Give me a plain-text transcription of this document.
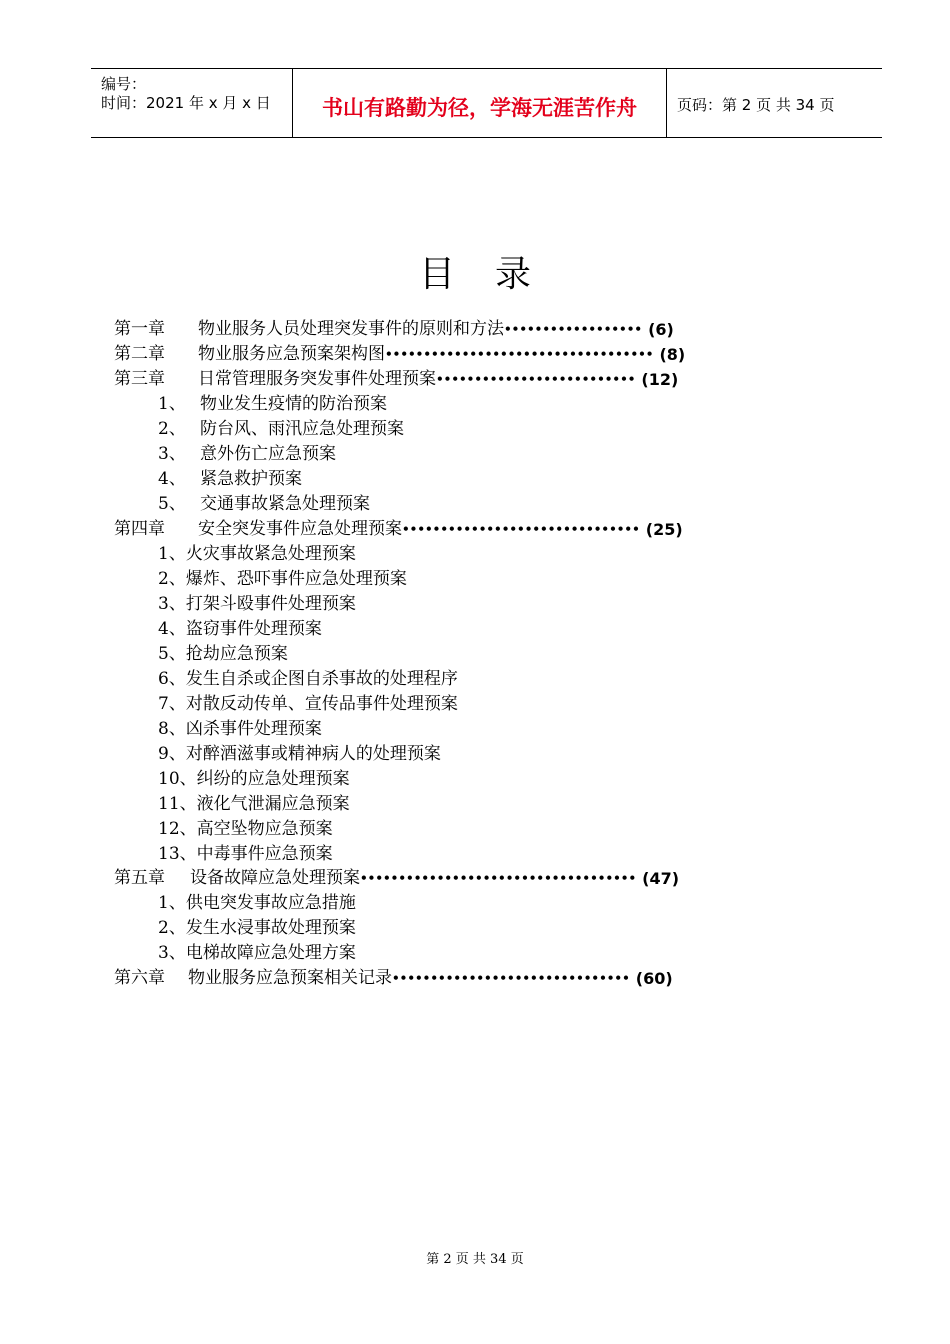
编号：
时间：2021 年 x 月 x 日	书山有路勤为径，学海无涯苦作舟	页码：第 2 页 共 34 页
目录
第一章	物业服务人员处理突发事件的原则和方法 •••••••••••••••••• (6)
第二章	物业服务应急预案架构图 ••••••••••••••••••••••••••••••••••• (8)
第三章	日常管理服务突发事件处理预案 •••••••••••••••••••••••••• (12)
1、 物业发生疫情的防治预案
2、 防台风、雨汛应急处理预案
3、 意外伤亡应急预案
4、 紧急救护预案
5、 交通事故紧急处理预案
第四章	安全突发事件应急处理预案 ••••••••••••••••••••••••••••••• (25)
1、火灾事故紧急处理预案
2、爆炸、恐吓事件应急处理预案
3、打架斗殴事件处理预案
4、盗窃事件处理预案
5、抢劫应急预案
6、发生自杀或企图自杀事故的处理程序
7、对散反动传单、宣传品事件处理预案
8、凶杀事件处理预案
9、对醉酒滋事或精神病人的处理预案
10、纠纷的应急处理预案
11、液化气泄漏应急预案
12、高空坠物应急预案
13、中毒事件应急预案
第五章	设备故障应急处理预案 •••••••••••••••••••••••••••••••••••• (47)
1、供电突发事故应急措施
2、发生水浸事故处理预案
3、电梯故障应急处理方案
第六章	物业服务应急预案相关记录 ••••••••••••••••••••••••••••••• (60)
第 2 页 共 34 页
